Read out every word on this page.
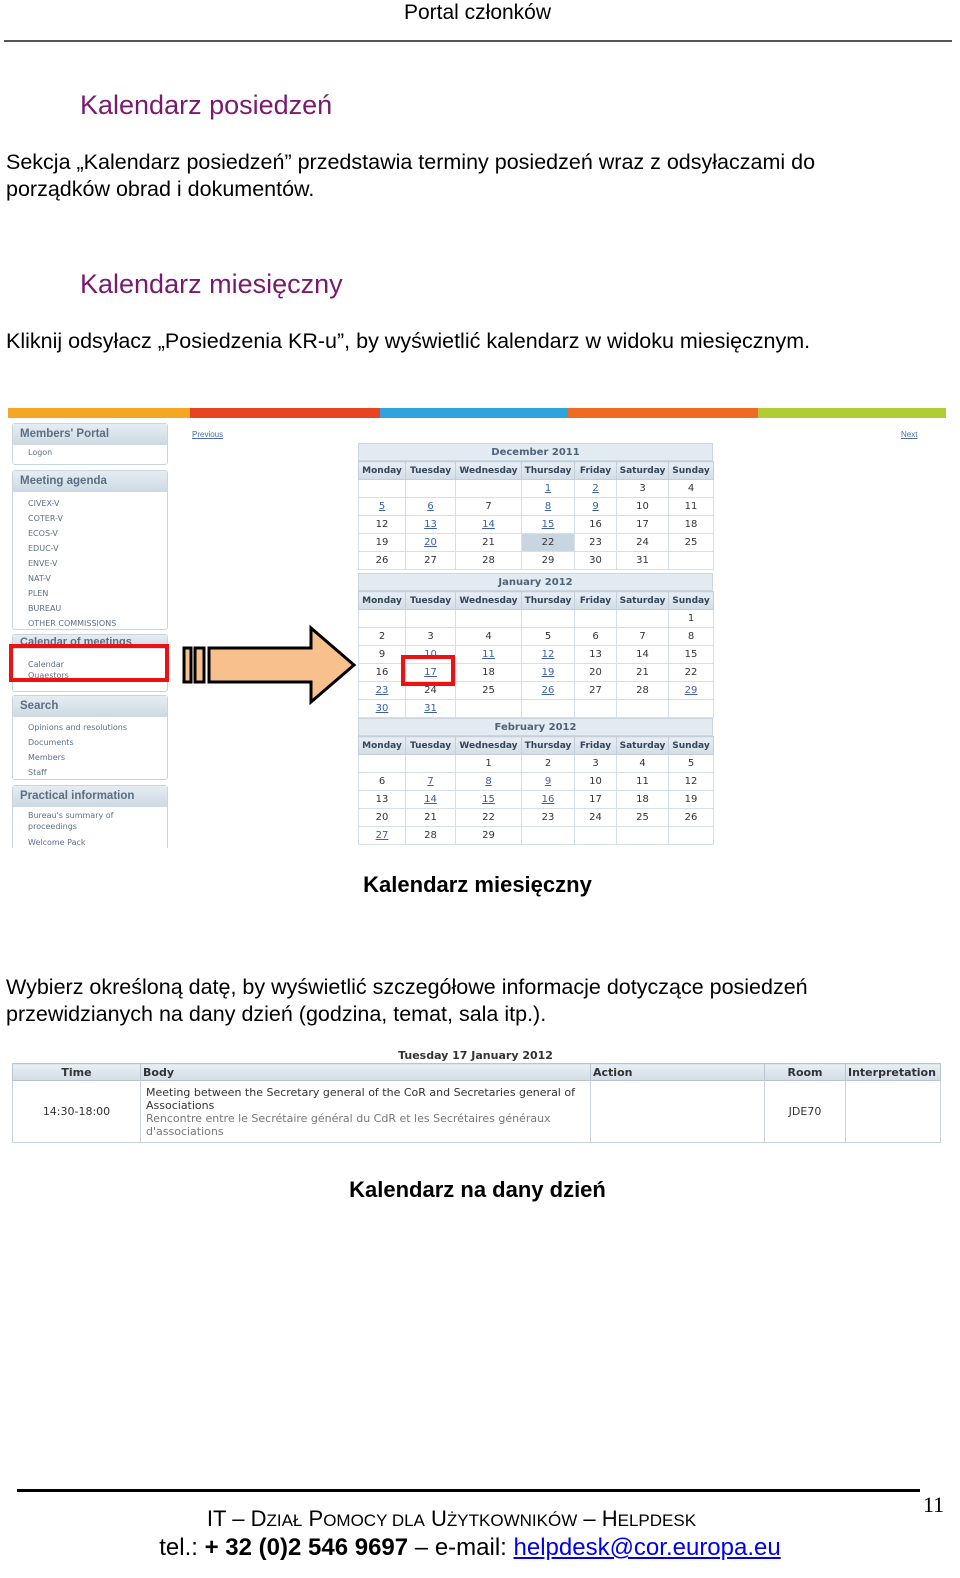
Portal członków
Kalendarz posiedzeń
Sekcja „Kalendarz posiedzeń” przedstawia terminy posiedzeń wraz z odsyłaczami do
porządków obrad i dokumentów.
Kalendarz miesięczny
Kliknij odsyłacz „Posiedzenia KR-u”, by wyświetlić kalendarz w widoku miesięcznym.
Members' Portal
Logon
Meeting agenda
CIVEX-V
COTER-V
ECOS-V
EDUC-V
ENVE-V
NAT-V
PLEN
BUREAU
OTHER COMMISSIONS
Calendar of meetings
Calendar
Quaestors
Search
Opinions and resolutions
Documents
Members
Staff
Practical information
Bureau's summary of
proceedings
Welcome Pack
Previous	Next
December 2011
Monday	Tuesday	Wednesday	Thursday	Friday	Saturday	Sunday
			1	2	3	4
5	6	7	8	9	10	11
12	13	14	15	16	17	18
19	20	21	22	23	24	25
26	27	28	29	30	31	
January 2012
Monday	Tuesday	Wednesday	Thursday	Friday	Saturday	Sunday
						1
2	3	4	5	6	7	8
9	10	11	12	13	14	15
16	17	18	19	20	21	22
23	24	25	26	27	28	29
30	31					
February 2012
Monday	Tuesday	Wednesday	Thursday	Friday	Saturday	Sunday
		1	2	3	4	5
6	7	8	9	10	11	12
13	14	15	16	17	18	19
20	21	22	23	24	25	26
27	28	29				
Kalendarz miesięczny
Wybierz określoną datę, by wyświetlić szczegółowe informacje dotyczące posiedzeń
przewidzianych na dany dzień (godzina, temat, sala itp.).
Tuesday 17 January 2012
Time	Body	Action	Room	Interpretation
14:30-18:00	Meeting between the Secretary general of the CoR and Secretaries general of Associations
Rencontre entre le Secrétaire général du CdR et les Secrétaires généraux d'associations		JDE70	
Kalendarz na dany dzień
11
IT – DZIAŁ POMOCY DLA UŻYTKOWNIKÓW – HELPDESK
tel.: + 32 (0)2 546 9697 – e-mail: helpdesk@cor.europa.eu
